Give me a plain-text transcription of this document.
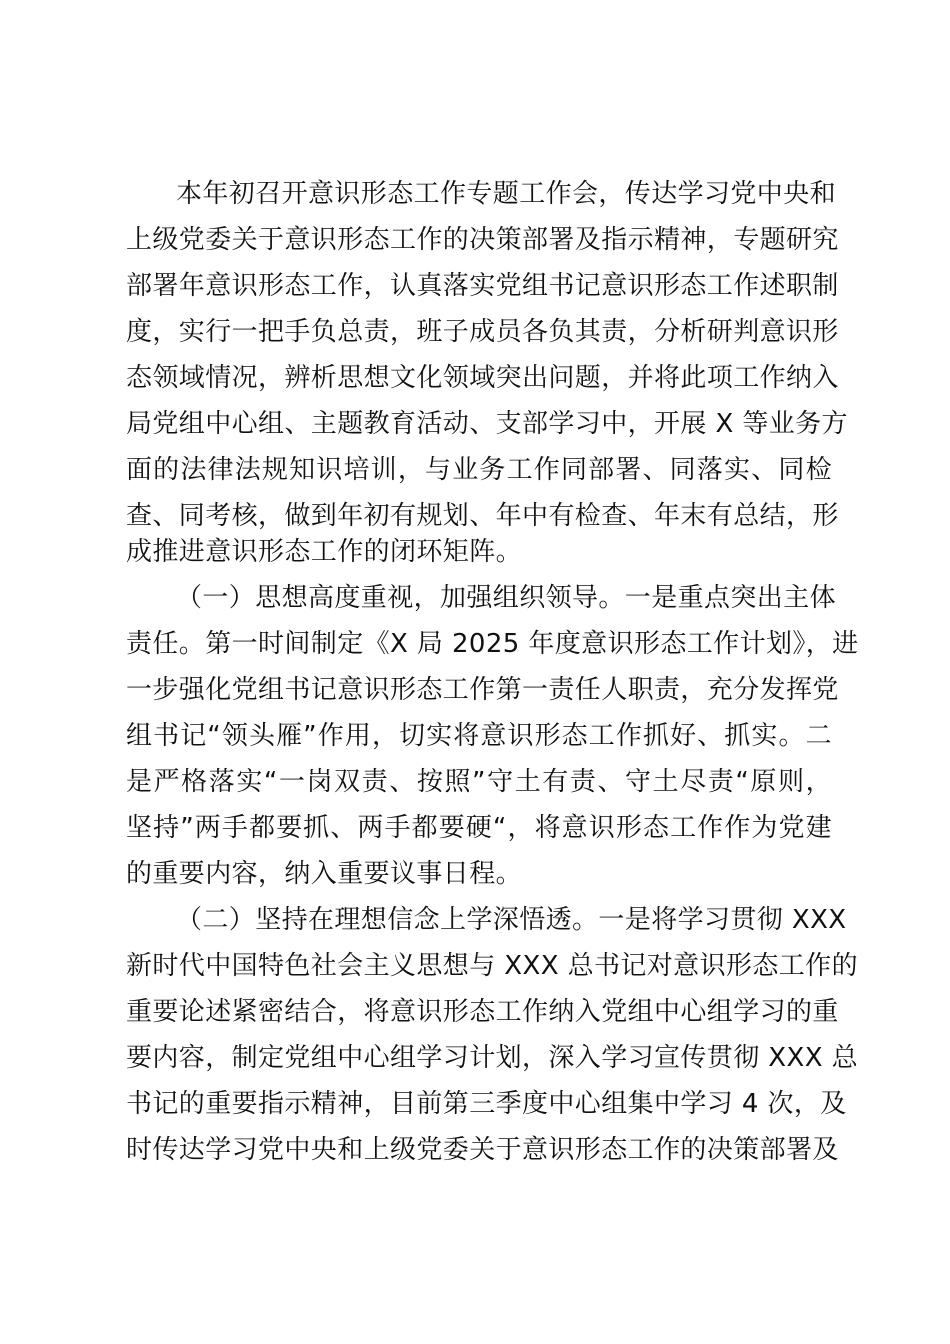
本年初召开意识形态工作专题工作会，传达学习党中央和
上级党委关于意识形态工作的决策部署及指示精神，专题研究
部署年意识形态工作，认真落实党组书记意识形态工作述职制
度，实行一把手负总责，班子成员各负其责，分析研判意识形
态领域情况，辨析思想文化领域突出问题，并将此项工作纳入
局党组中心组、主题教育活动、支部学习中，开展 X 等业务方
面的法律法规知识培训，与业务工作同部署、同落实、同检
查、同考核，做到年初有规划、年中有检查、年末有总结，形
成推进意识形态工作的闭环矩阵。
（一）思想高度重视，加强组织领导。一是重点突出主体
责任。第一时间制定《X 局 2025 年度意识形态工作计划》，进
一步强化党组书记意识形态工作第一责任人职责，充分发挥党
组书记“领头雁”作用，切实将意识形态工作抓好、抓实。二
是严格落实“一岗双责、按照”守土有责、守土尽责“原则，
坚持”两手都要抓、两手都要硬“，将意识形态工作作为党建
的重要内容，纳入重要议事日程。
（二）坚持在理想信念上学深悟透。一是将学习贯彻 XXX
新时代中国特色社会主义思想与 XXX 总书记对意识形态工作的
重要论述紧密结合，将意识形态工作纳入党组中心组学习的重
要内容，制定党组中心组学习计划，深入学习宣传贯彻 XXX 总
书记的重要指示精神，目前第三季度中心组集中学习 4 次，及
时传达学习党中央和上级党委关于意识形态工作的决策部署及
